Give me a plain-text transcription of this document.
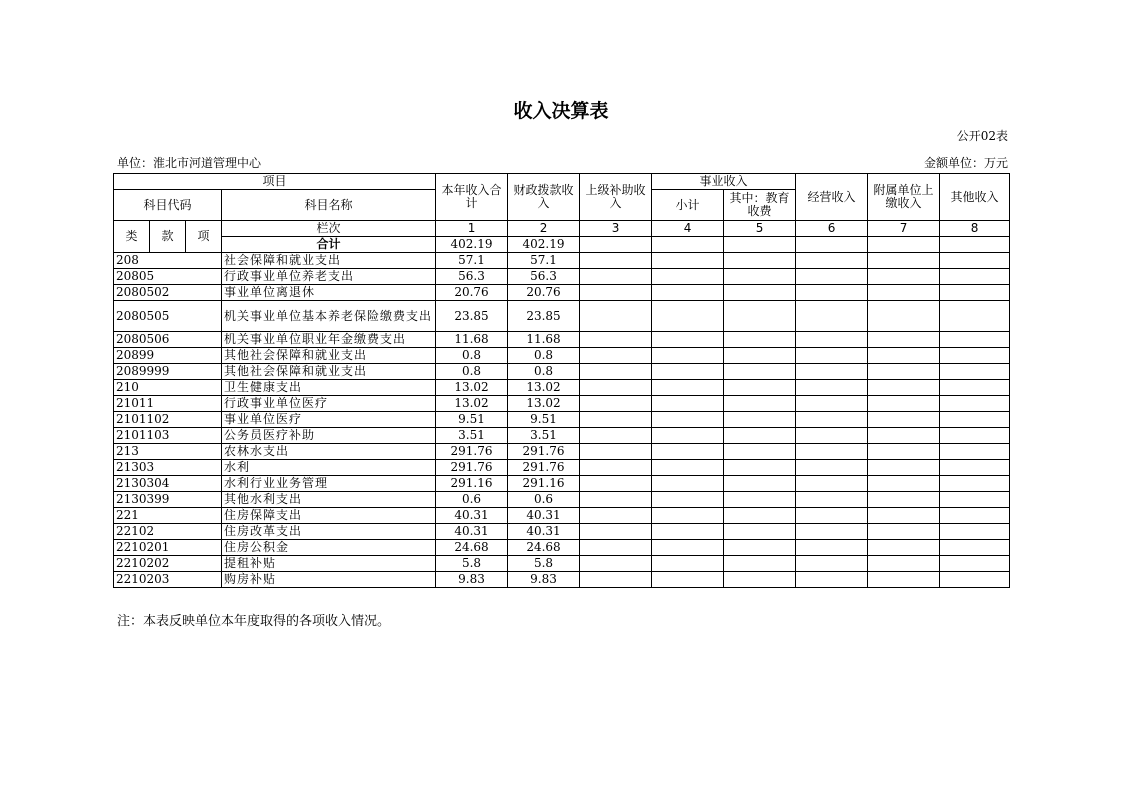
收入决算表
公开02表
单位：淮北市河道管理中心	金额单位：万元
项目				本年收入合计	财政拨款收入	上级补助收入	事业收入		经营收入	附属单位上缴收入	其他收入
科目代码			科目名称				小计	其中：教育收费			
类	款	项	栏次	1	2	3	4	5	6	7	8
			合计	402.19	402.19						
208			社会保障和就业支出	57.1	57.1						
20805			行政事业单位养老支出	56.3	56.3						
2080502			事业单位离退休	20.76	20.76						
2080505			机关事业单位基本养老保险缴费支出	23.85	23.85						
2080506			机关事业单位职业年金缴费支出	11.68	11.68						
20899			其他社会保障和就业支出	0.8	0.8						
2089999			其他社会保障和就业支出	0.8	0.8						
210			卫生健康支出	13.02	13.02						
21011			行政事业单位医疗	13.02	13.02						
2101102			事业单位医疗	9.51	9.51						
2101103			公务员医疗补助	3.51	3.51						
213			农林水支出	291.76	291.76						
21303			水利	291.76	291.76						
2130304			水利行业业务管理	291.16	291.16						
2130399			其他水利支出	0.6	0.6						
221			住房保障支出	40.31	40.31						
22102			住房改革支出	40.31	40.31						
2210201			住房公积金	24.68	24.68						
2210202			提租补贴	5.8	5.8						
2210203			购房补贴	9.83	9.83						
注：本表反映单位本年度取得的各项收入情况。
